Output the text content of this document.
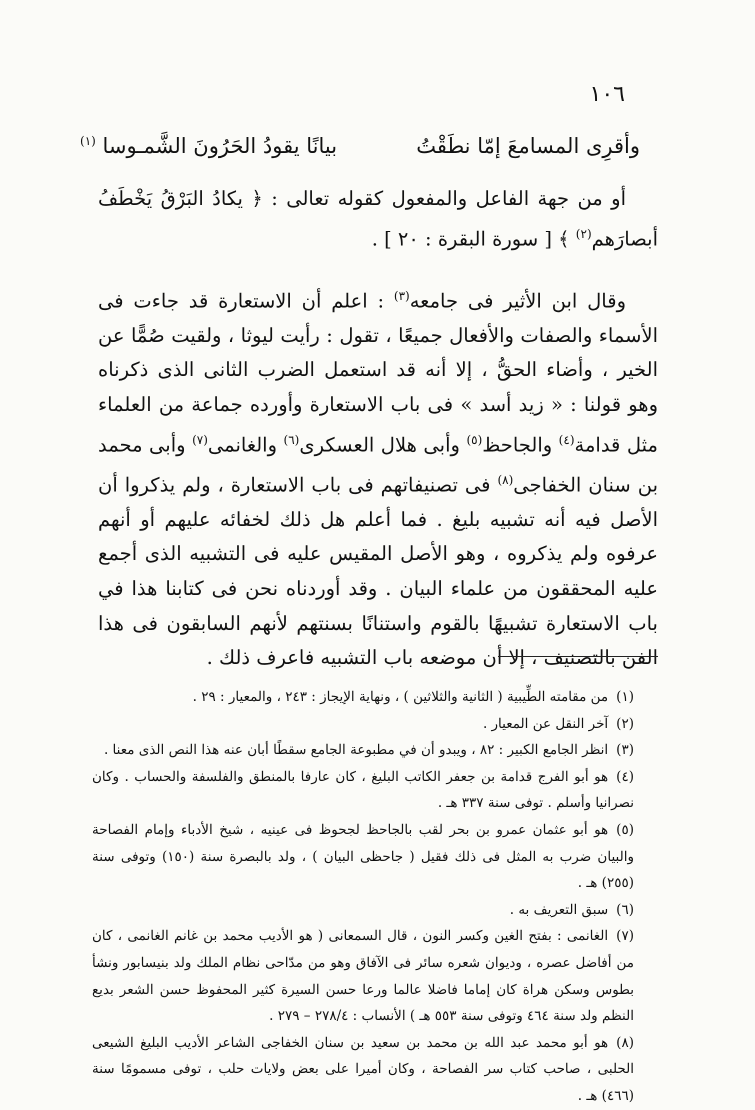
١٠٦

وأقرِى المسامعَ إمّا نطَقْتُ
بيانًا يقودُ الحَرُونَ الشَّمـوسا $^{(١)}$

أو من جهة الفاعل والمفعول كقوله تعالى : ﴿ يكادُ البَرْقُ يَخْطَفُ أبصارَهم$^{(٢)}$ ﴾ [ سورة البقرة : ٢٠ ] .

وقال ابن الأثير فى جامعه$^{(٣)}$ : اعلم أن الاستعارة قد جاءت فى الأسماء والصفات والأفعال جميعًا ، تقول : رأيت ليوثا ، ولقيت صُمًّا عن الخير ، وأضاء الحقُّ ، إلا أنه قد استعمل الضرب الثانى الذى ذكرناه وهو قولنا : « زيد أسد » فى باب الاستعارة وأورده جماعة من العلماء مثل قدامة$^{(٤)}$ والجاحظ$^{(٥)}$ وأبى هلال العسكرى$^{(٦)}$ والغانمى$^{(٧)}$ وأبى محمد بن سنان الخفاجى$^{(٨)}$ فى تصنيفاتهم فى باب الاستعارة ، ولم يذكروا أن الأصل فيه أنه تشبيه بليغ . فما أعلم هل ذلك لخفائه عليهم أو أنهم عرفوه ولم يذكروه ، وهو الأصل المقيس عليه فى التشبيه الذى أجمع عليه المحققون من علماء البيان . وقد أوردناه نحن فى كتابنا هذا في باب الاستعارة تشبيهًا بالقوم واستنانًا بسنتهم لأنهم السابقون فى هذا الفن بالتصنيف ، إلا أن موضعه باب التشبيه فاعرف ذلك .

(١)من مقامته الطِّيبية ( الثانية والثلاثين ) ، ونهاية الإيجاز : ٢٤٣ ، والمعيار : ٢٩ .

(٢)آخر النقل عن المعيار .

(٣)انظر الجامع الكبير : ٨٢ ، ويبدو أن في مطبوعة الجامع سقطًا أبان عنه هذا النص الذى معنا .

(٤)هو أبو الفرج قدامة بن جعفر الكاتب البليغ ، كان عارفا بالمنطق والفلسفة والحساب . وكان نصرانيا وأسلم . توفى سنة ٣٣٧ هـ .

(٥)هو أبو عثمان عمرو بن بحر لقب بالجاحظ لجحوظ فى عينيه ، شيخ الأدباء وإمام الفصاحة والبيان ضرب به المثل فى ذلك فقيل ( جاحظى البيان ) ، ولد بالبصرة سنة (١٥٠) وتوفى سنة (٢٥٥) هـ .

(٦)سبق التعريف به .

(٧)الغانمى : بفتح الغين وكسر النون ، قال السمعانى ( هو الأديب محمد بن غانم الغانمى ، كان من أفاضل عصره ، وديوان شعره سائر فى الآفاق وهو من مدّاحى نظام الملك ولد بنيسابور ونشأ بطوس وسكن هراة كان إماما فاضلا عالما ورعا حسن السيرة كثير المحفوظ حسن الشعر بديع النظم ولد سنة ٤٦٤ وتوفى سنة ٥٥٣ هـ ) الأنساب : ٢٧٨/٤ – ٢٧٩ .

(٨)هو أبو محمد عبد الله بن محمد بن سعيد بن سنان الخفاجى الشاعر الأديب البليغ الشيعى الحلبى ، صاحب كتاب سر الفصاحة ، وكان أميرا على بعض ولايات حلب ، توفى مسمومًا سنة (٤٦٦) هـ .
